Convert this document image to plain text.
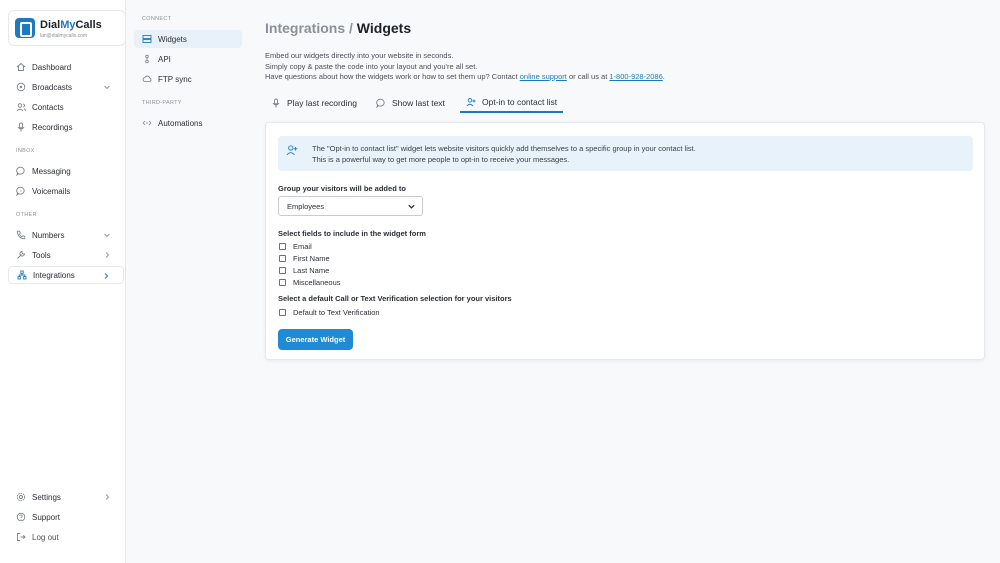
DialMyCalls
lan@dialmycalls.com
Dashboard
Broadcasts
Contacts
Recordings
INBOX
Messaging
Voicemails
OTHER
Numbers
Tools
Integrations
Settings
Support
Log out
CONNECT
THIRD-PARTY
Widgets
API
FTP sync
Automations
Integrations / Widgets
Embed our widgets directly into your website in seconds.
Simply copy & paste the code into your layout and you're all set.
Have questions about how the widgets work or how to set them up? Contact online support or call us at 1-800-928-2086.
Play last recording	Show last text	Opt-in to contact list
The "Opt-in to contact list" widget lets website visitors quickly add themselves to a specific group in your contact list.
This is a powerful way to get more people to opt-in to receive your messages.
Group your visitors will be added to
Employees
Select fields to include in the widget form
Email
First Name
Last Name
Miscellaneous
Select a default Call or Text Verification selection for your visitors
Default to Text Verification
Generate Widget
